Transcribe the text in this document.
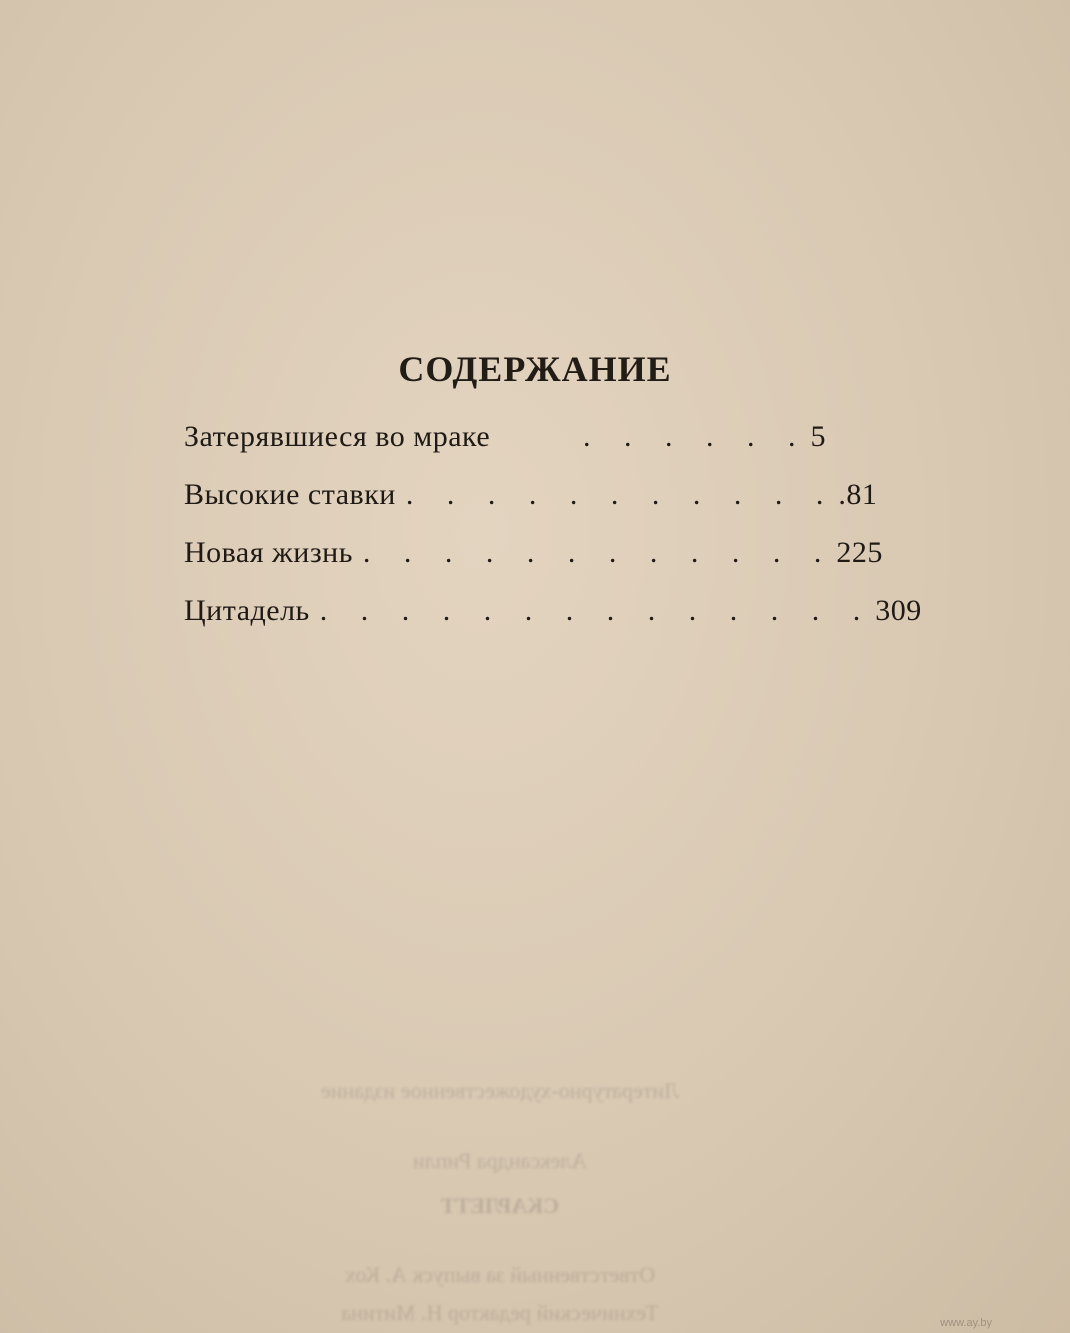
СОДЕРЖАНИЕ
Затерявшиеся во мраке	. . . . . . 5
Высокие ставки . . . . . . . . . . . .81
Новая жизнь . . . . . . . . . . . . 225
Цитадель . . . . . . . . . . . . . . 309
Литературно-художественное издание
Александра Рипли
СКАРЛЕТТ
Ответственный за выпуск А. Кох
Технический редактор Н. Митина	www.ay.by
